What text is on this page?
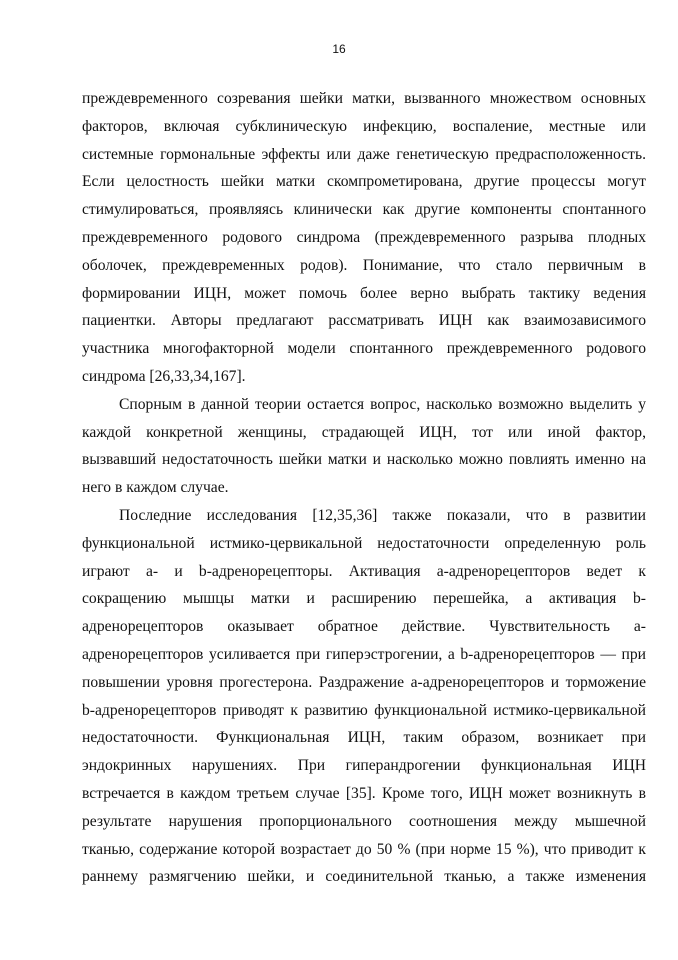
16
преждевременного созревания шейки матки, вызванного множеством основных
факторов, включая субклиническую инфекцию, воспаление, местные или
системные гормональные эффекты или даже генетическую предрасположенность.
Если целостность шейки матки скомпрометирована, другие процессы могут
стимулироваться, проявляясь клинически как другие компоненты спонтанного
преждевременного родового синдрома (преждевременного разрыва плодных
оболочек, преждевременных родов). Понимание, что стало первичным в
формировании ИЦН, может помочь более верно выбрать тактику ведения
пациентки. Авторы предлагают рассматривать ИЦН как взаимозависимого
участника многофакторной модели спонтанного преждевременного родового
синдрома [26,33,34,167].
Спорным в данной теории остается вопрос, насколько возможно выделить у
каждой конкретной женщины, страдающей ИЦН, тот или иной фактор,
вызвавший недостаточность шейки матки и насколько можно повлиять именно на
него в каждом случае.
Последние исследования [12,35,36] также показали, что в развитии
функциональной истмико-цервикальной недостаточности определенную роль
играют a- и b-адренорецепторы. Активация a-адренорецепторов ведет к
сокращению мышцы матки и расширению перешейка, а активация b-
адренорецепторов оказывает обратное действие. Чувствительность a-
адренорецепторов усиливается при гиперэстрогении, а b-адренорецепторов — при
повышении уровня прогестерона. Раздражение a-адренорецепторов и торможение
b-адренорецепторов приводят к развитию функциональной истмико-цервикальной
недостаточности. Функциональная ИЦН, таким образом, возникает при
эндокринных нарушениях. При гиперандрогении функциональная ИЦН
встречается в каждом третьем случае [35]. Кроме того, ИЦН может возникнуть в
результате нарушения пропорционального соотношения между мышечной
тканью, содержание которой возрастает до 50 % (при норме 15 %), что приводит к
раннему размягчению шейки, и соединительной тканью, а также изменения
